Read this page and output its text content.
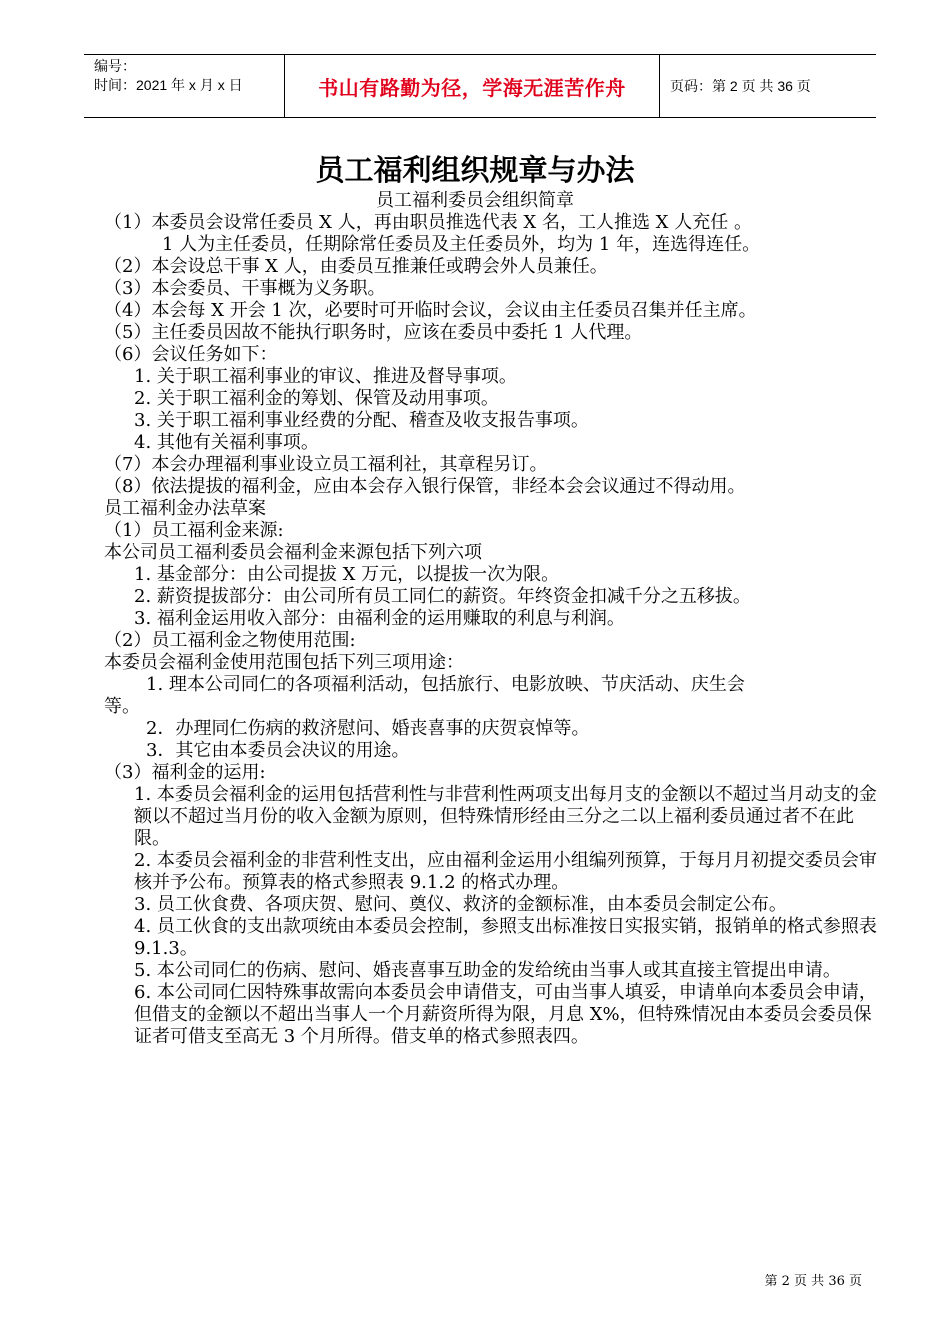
编号：
时间：2021 年 x 月 x 日	书山有路勤为径，学海无涯苦作舟	页码：第 2 页 共 36 页
员工福利组织规章与办法
员工福利委员会组织简章
（1）本委员会设常任委员 X 人，再由职员推选代表 X 名，工人推选 X 人充任 。
1 人为主任委员，任期除常任委员及主任委员外，均为 1 年，连选得连任。
（2）本会设总干事 X 人，由委员互推兼任或聘会外人员兼任。
（3）本会委员、干事概为义务职。
（4）本会每 X 开会 1 次，必要时可开临时会议，会议由主任委员召集并任主席。
（5）主任委员因故不能执行职务时，应该在委员中委托 1 人代理。
（6）会议任务如下：
1. 关于职工福利事业的审议、推进及督导事项。
2. 关于职工福利金的筹划、保管及动用事项。
3. 关于职工福利事业经费的分配、稽查及收支报告事项。
4. 其他有关福利事项。
（7）本会办理福利事业设立员工福利社，其章程另订。
（8）依法提拔的福利金，应由本会存入银行保管，非经本会会议通过不得动用。
员工福利金办法草案
（1）员工福利金来源:
本公司员工福利委员会福利金来源包括下列六项
1. 基金部分：由公司提拔 X 万元，以提拔一次为限。
2. 薪资提拔部分：由公司所有员工同仁的薪资。年终资金扣减千分之五移拔。
3. 福利金运用收入部分：由福利金的运用赚取的利息与利润。
（2）员工福利金之物使用范围:
本委员会福利金使用范围包括下列三项用途：
1. 理本公司同仁的各项福利活动，包括旅行、电影放映、节庆活动、庆生会
等。
2．办理同仁伤病的救济慰问、婚丧喜事的庆贺哀悼等。
3．其它由本委员会决议的用途。
（3）福利金的运用:
1. 本委员会福利金的运用包括营利性与非营利性两项支出每月支的金额以不超过当月动支的金额以不超过当月份的收入金额为原则，但特殊情形经由三分之二以上福利委员通过者不在此限。
2. 本委员会福利金的非营利性支出，应由福利金运用小组编列预算，于每月月初提交委员会审核并予公布。预算表的格式参照表 9.1.2 的格式办理。
3. 员工伙食费、各项庆贺、慰问、奠仪、救济的金额标准，由本委员会制定公布。
4. 员工伙食的支出款项统由本委员会控制，参照支出标准按日实报实销，报销单的格式参照表 9.1.3。
5. 本公司同仁的伤病、慰问、婚丧喜事互助金的发给统由当事人或其直接主管提出申请。
6. 本公司同仁因特殊事故需向本委员会申请借支，可由当事人填妥，申请单向本委员会申请，但借支的金额以不超出当事人一个月薪资所得为限，月息 X%，但特殊情况由本委员会委员保证者可借支至高无 3 个月所得。借支单的格式参照表四。
第 2 页 共 36 页
